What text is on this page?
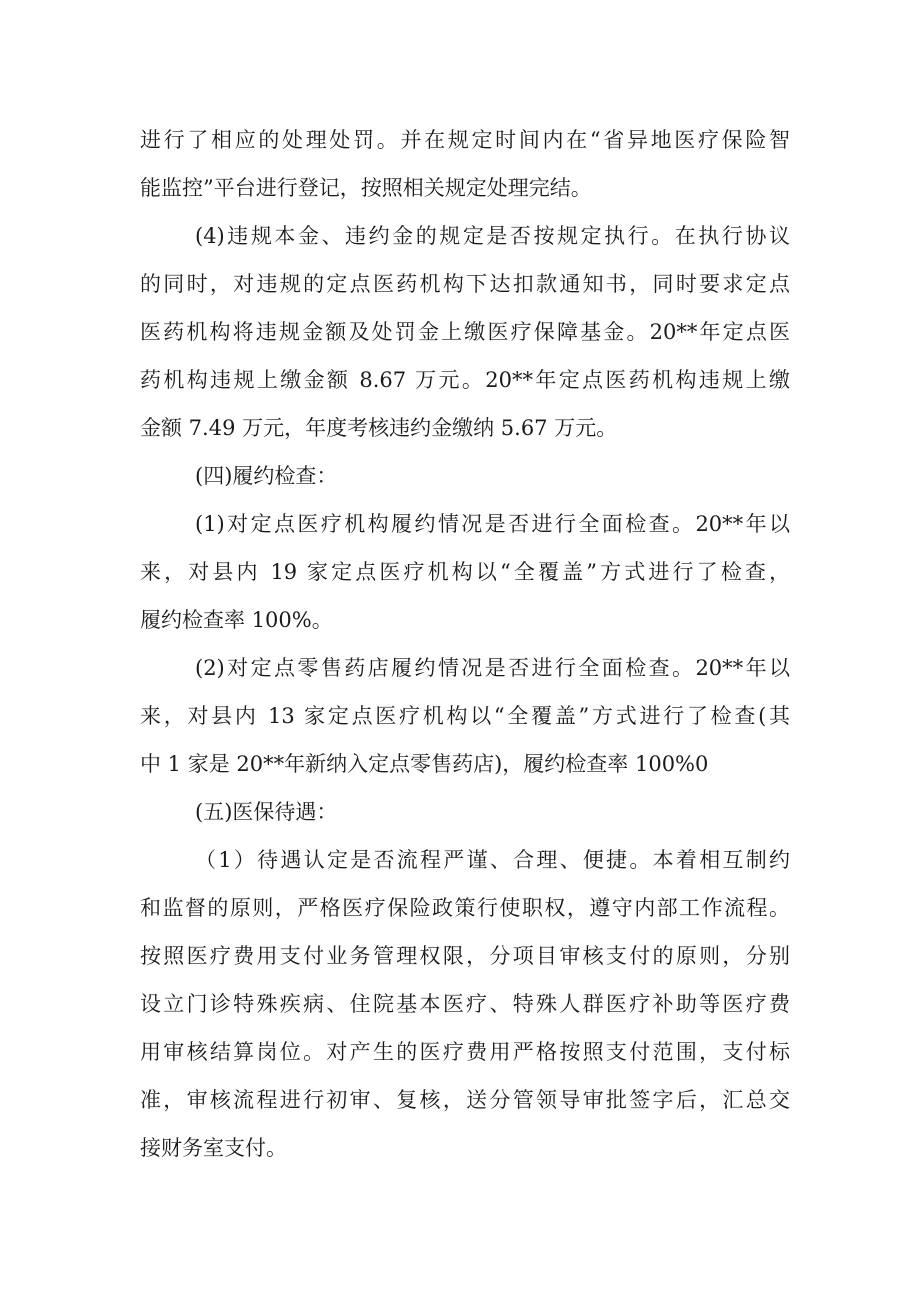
进行了相应的处理处罚。并在规定时间内在“省异地医疗保险智
能监控”平台进行登记，按照相关规定处理完结。
(4)违规本金、违约金的规定是否按规定执行。在执行协议
的同时，对违规的定点医药机构下达扣款通知书，同时要求定点
医药机构将违规金额及处罚金上缴医疗保障基金。20**年定点医
药机构违规上缴金额 8.67 万元。20**年定点医药机构违规上缴
金额 7.49 万元，年度考核违约金缴纳 5.67 万元。
(四)履约检查：
(1)对定点医疗机构履约情况是否进行全面检查。20**年以
来，对县内 19 家定点医疗机构以“全覆盖”方式进行了检查，
履约检查率 100%。
(2)对定点零售药店履约情况是否进行全面检查。20**年以
来，对县内 13 家定点医疗机构以“全覆盖”方式进行了检查(其
中 1 家是 20**年新纳入定点零售药店)，履约检查率 100%0
(五)医保待遇：
（1）待遇认定是否流程严谨、合理、便捷。本着相互制约
和监督的原则，严格医疗保险政策行使职权，遵守内部工作流程。
按照医疗费用支付业务管理权限，分项目审核支付的原则，分别
设立门诊特殊疾病、住院基本医疗、特殊人群医疗补助等医疗费
用审核结算岗位。对产生的医疗费用严格按照支付范围，支付标
准，审核流程进行初审、复核，送分管领导审批签字后，汇总交
接财务室支付。
